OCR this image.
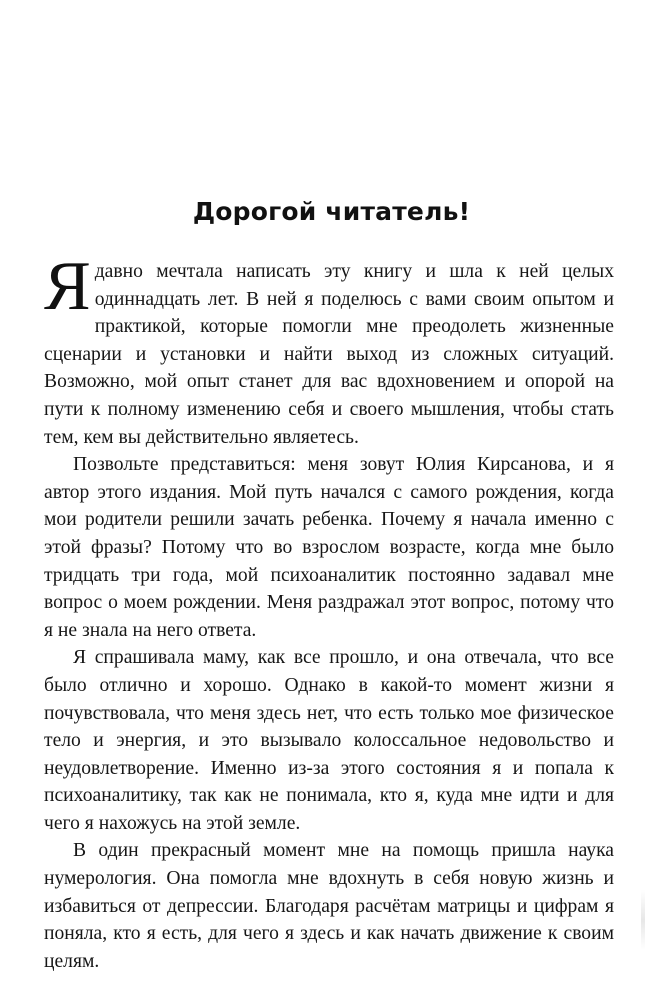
Дорогой читатель!

Ядавно мечтала написать эту книгу и шла к ней целых одиннадцать лет. В ней я поделюсь с вами своим опытом и практикой, которые помогли мне преодолеть жизненные сценарии и установки и найти выход из сложных ситуаций. Возможно, мой опыт станет для вас вдохновением и опорой на пути к полному изменению себя и своего мышления, чтобы стать тем, кем вы действительно являетесь.

Позвольте представиться: меня зовут Юлия Кирсанова, и я автор этого издания. Мой путь начался с самого рождения, когда мои родители решили зачать ребенка. Почему я начала именно с этой фразы? Потому что во взрослом возрасте, когда мне было тридцать три года, мой психоаналитик постоянно задавал мне вопрос о моем рождении. Меня раздражал этот вопрос, потому что я не знала на него ответа.

Я спрашивала маму, как все прошло, и она отвечала, что все было отлично и хорошо. Однако в какой-то момент жизни я почувствовала, что меня здесь нет, что есть только мое физическое тело и энергия, и это вызывало колоссальное недовольство и неудовлетворение. Именно из-за этого состояния я и попала к психоаналитику, так как не понимала, кто я, куда мне идти и для чего я нахожусь на этой земле.

В один прекрасный момент мне на помощь пришла наука нумерология. Она помогла мне вдохнуть в себя новую жизнь и избавиться от депрессии. Благодаря расчётам матрицы и цифрам я поняла, кто я есть, для чего я здесь и как начать движение к своим целям.
